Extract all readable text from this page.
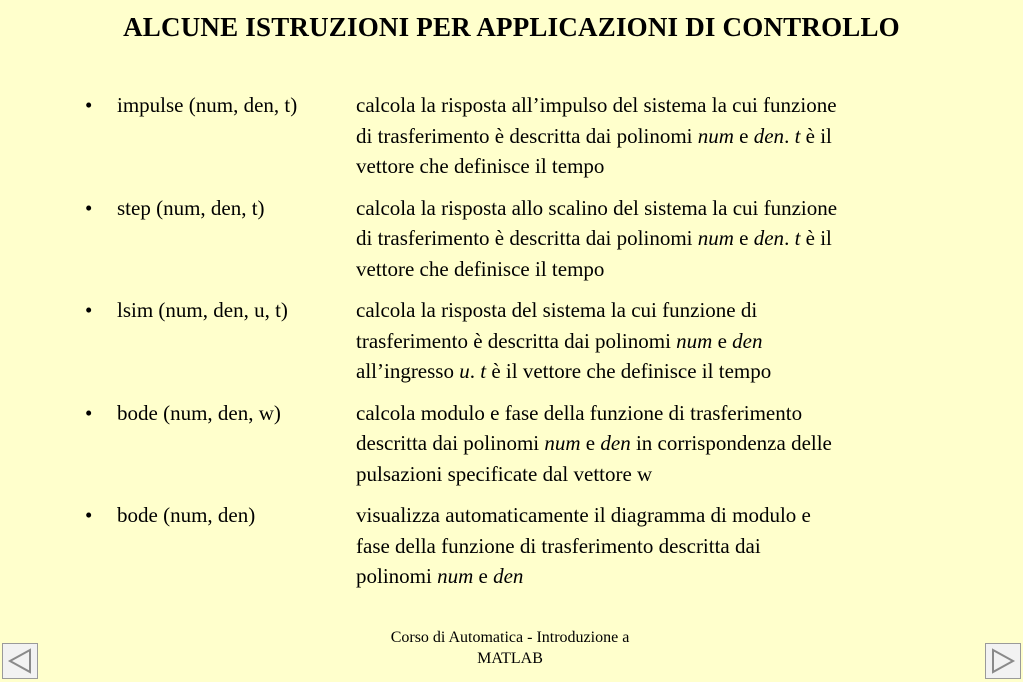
ALCUNE ISTRUZIONI PER APPLICAZIONI DI CONTROLLO
•	impulse (num, den, t)	calcola la risposta all’impulso del sistema la cui funzione
di trasferimento è descritta dai polinomi num e den. t è il
vettore che definisce il tempo
•	step (num, den, t)	calcola la risposta allo scalino del sistema la cui funzione
di trasferimento è descritta dai polinomi num e den. t è il
vettore che definisce il tempo
•	lsim (num, den, u, t)	calcola la risposta del sistema la cui funzione di
trasferimento è descritta dai polinomi num e den
all’ingresso u. t è il vettore che definisce il tempo
•	bode (num, den, w)	calcola modulo e fase della funzione di trasferimento
descritta dai polinomi num e den in corrispondenza delle
pulsazioni specificate dal vettore w
•	bode (num, den)	visualizza automaticamente il diagramma di modulo e
fase della funzione di trasferimento descritta dai
polinomi num e den
Corso di Automatica - Introduzione a
MATLAB
